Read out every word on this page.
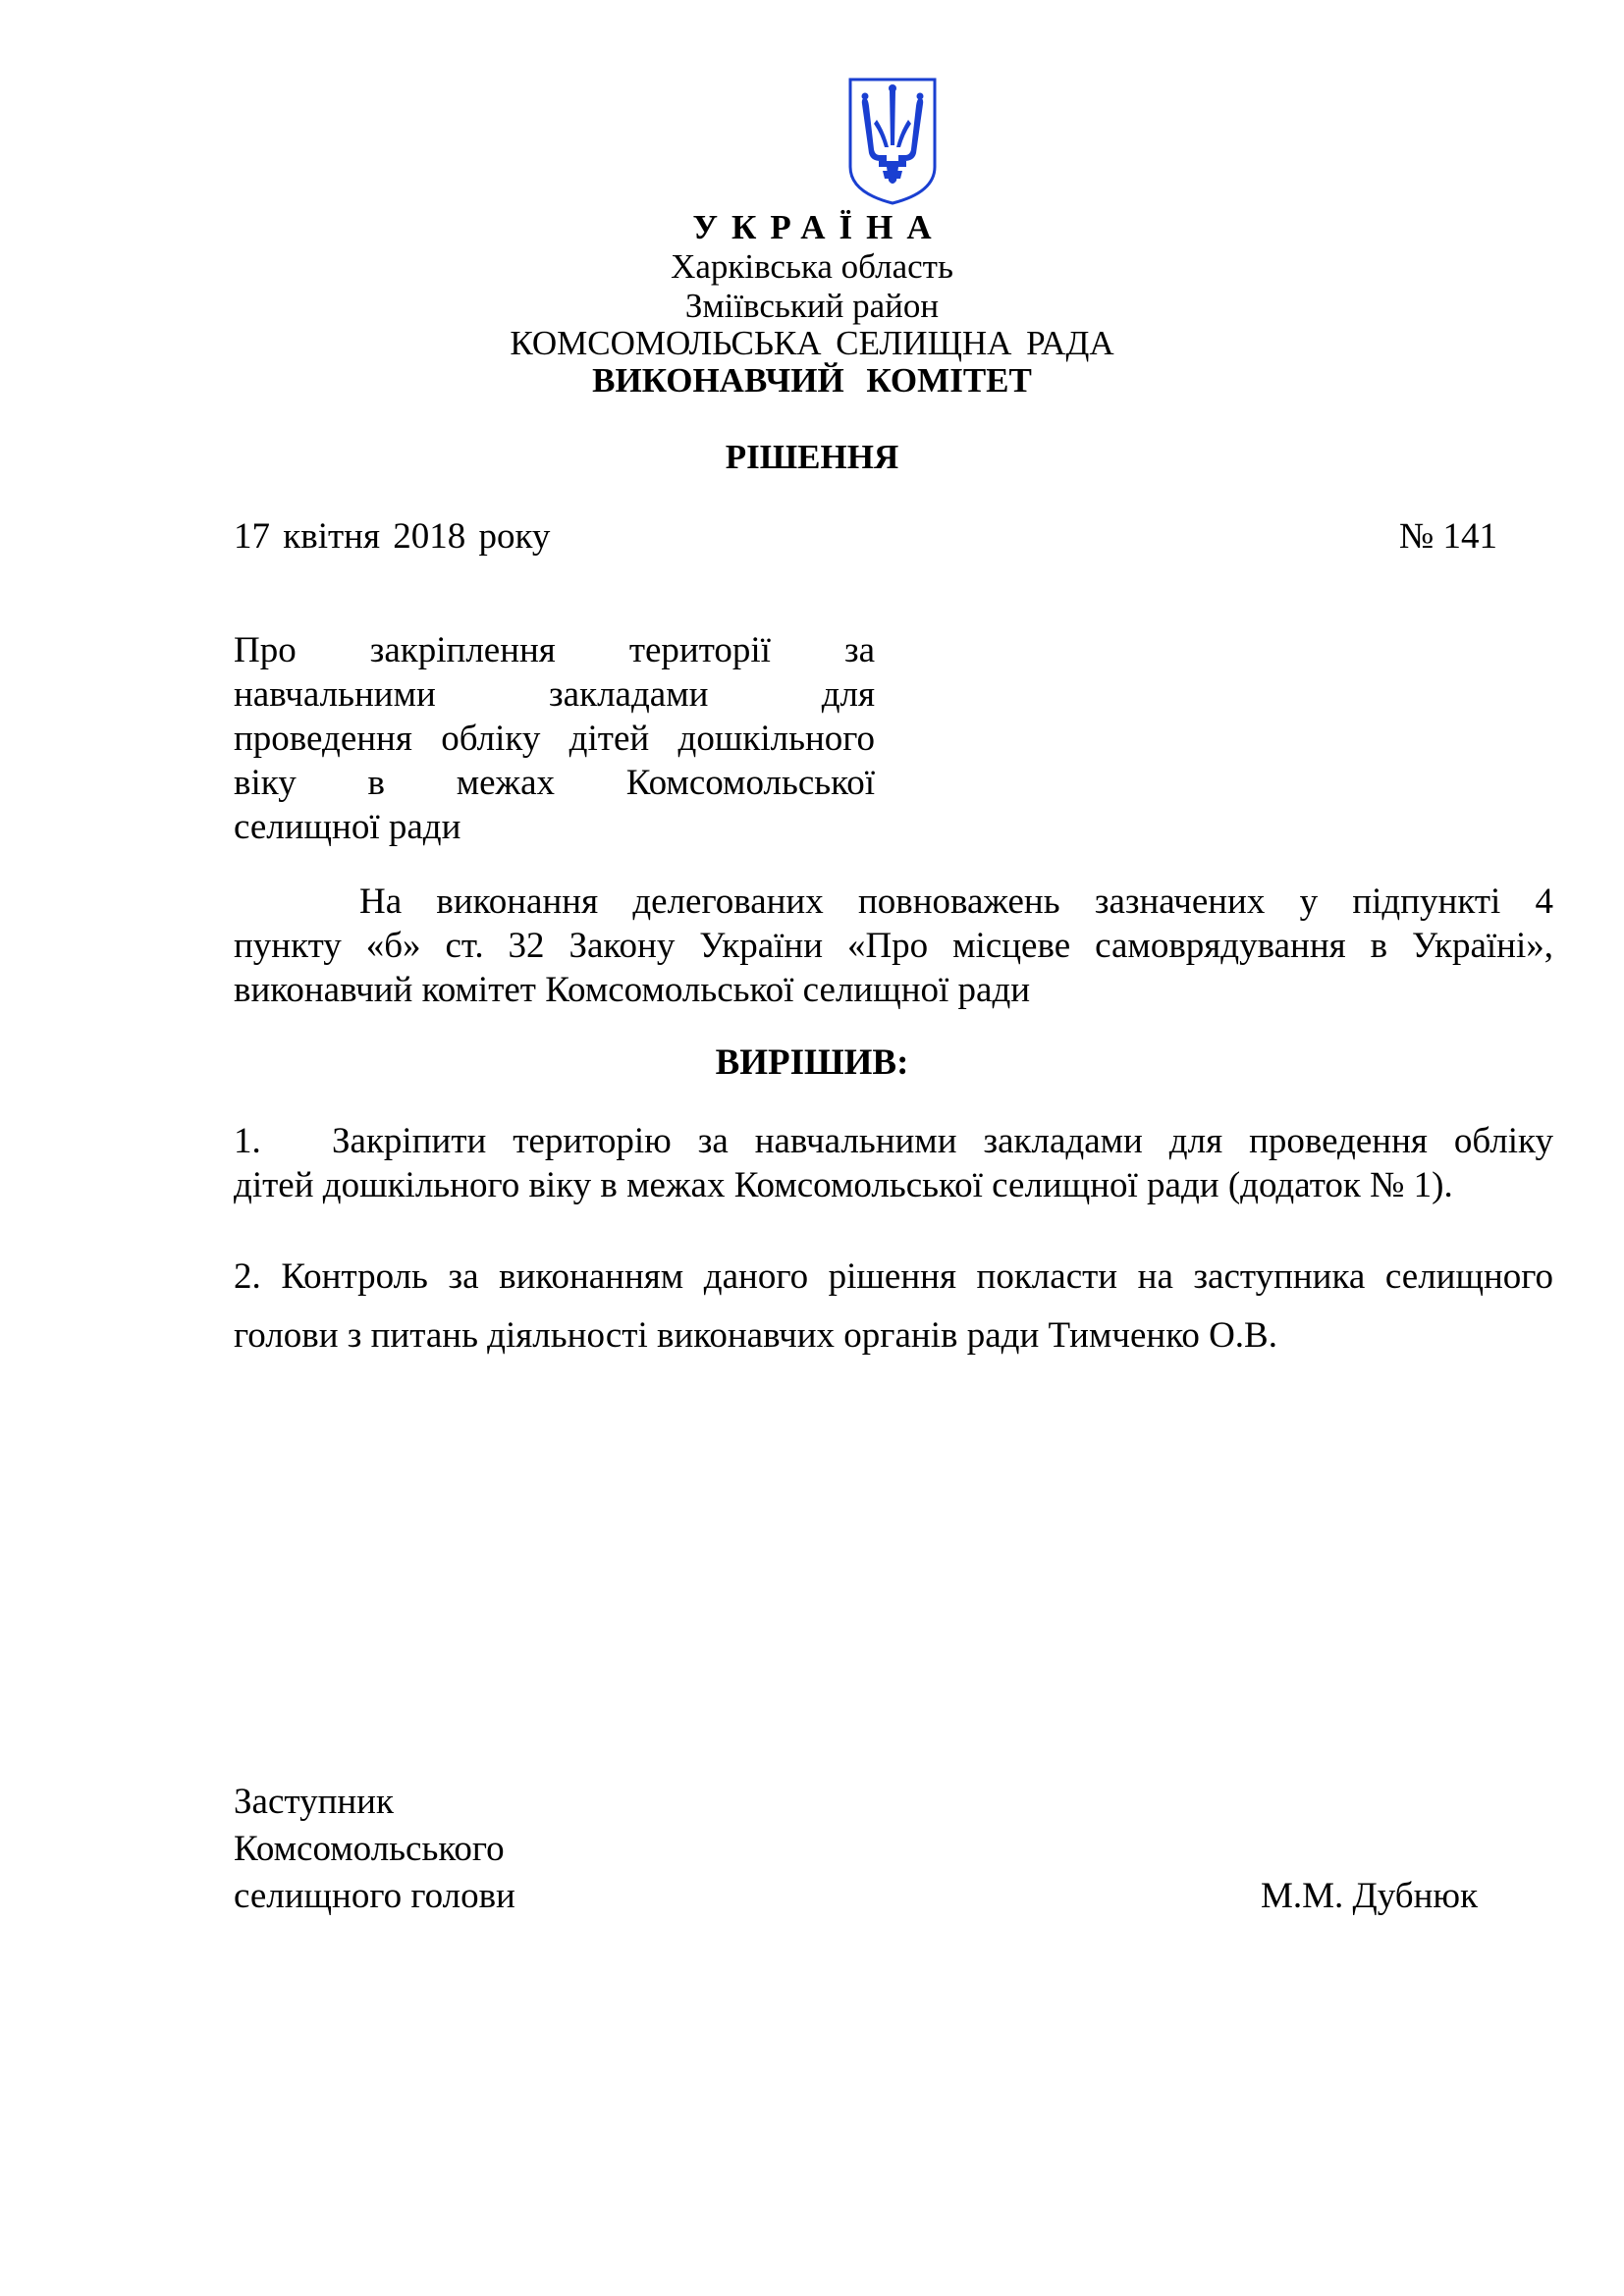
УКРАЇНА
Харківська область
Зміївський район
КОМСОМОЛЬСЬКА СЕЛИЩНА РАДА
ВИКОНАВЧИЙ КОМІТЕТ
РІШЕННЯ
17 квітня 2018 року	№ 141
Про закріплення території за
навчальними закладами для
проведення обліку дітей дошкільного
віку в межах Комсомольської
селищної ради
На виконання делегованих повноважень зазначених у підпункті 4
пункту «б» ст. 32 Закону України «Про місцеве самоврядування в Україні»,
виконавчий комітет Комсомольської селищної ради
ВИРІШИВ:
1. Закріпити територію за навчальними закладами для проведення обліку
дітей дошкільного віку в межах Комсомольської селищної ради (додаток № 1).
2. Контроль за виконанням даного рішення покласти на заступника селищного
голови з питань діяльності виконавчих органів ради Тимченко О.В.
Заступник
Комсомольського
селищного голови	М.М. Дубнюк
